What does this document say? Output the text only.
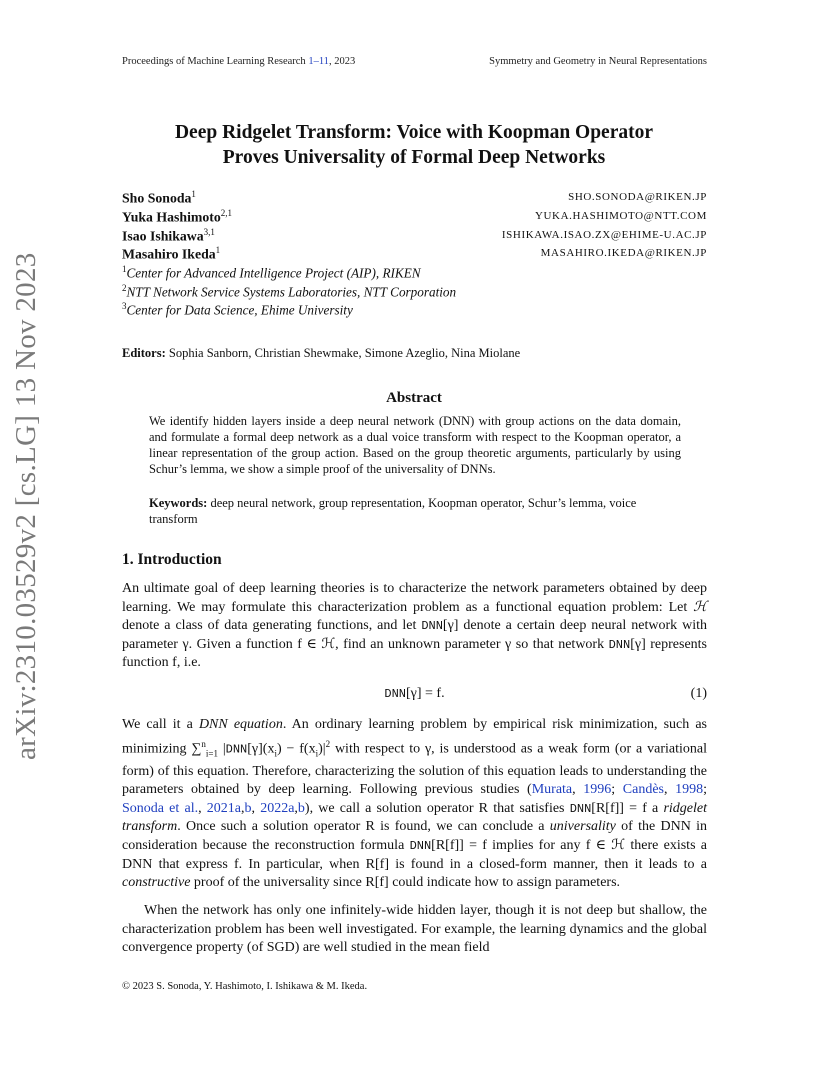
arXiv:2310.03529v2 [cs.LG] 13 Nov 2023
Proceedings of Machine Learning Research 1–11, 2023	Symmetry and Geometry in Neural Representations
Deep Ridgelet Transform: Voice with Koopman Operator
Proves Universality of Formal Deep Networks
Sho Sonoda$^1$	SHO.SONODA@RIKEN.JP
Yuka Hashimoto$^{2,1}$	YUKA.HASHIMOTO@NTT.COM
Isao Ishikawa$^{3,1}$	ISHIKAWA.ISAO.ZX@EHIME-U.AC.JP
Masahiro Ikeda$^1$	MASAHIRO.IKEDA@RIKEN.JP
$^1$Center for Advanced Intelligence Project (AIP), RIKEN
$^2$NTT Network Service Systems Laboratories, NTT Corporation
$^3$Center for Data Science, Ehime University
Editors: Sophia Sanborn, Christian Shewmake, Simone Azeglio, Nina Miolane
Abstract
We identify hidden layers inside a deep neural network (DNN) with group actions on the data domain, and formulate a formal deep network as a dual voice transform with respect to the Koopman operator, a linear representation of the group action. Based on the group theoretic arguments, particularly by using Schur’s lemma, we show a simple proof of the universality of DNNs.
Keywords: deep neural network, group representation, Koopman operator, Schur’s lemma, voice transform
1. Introduction
An ultimate goal of deep learning theories is to characterize the network parameters obtained by deep learning. We may formulate this characterization problem as a functional equation problem: Let ℋ denote a class of data generating functions, and let DNN[γ] denote a certain deep neural network with parameter γ. Given a function f ∈ ℋ, find an unknown parameter γ so that network DNN[γ] represents function f, i.e.
DNN[γ] = f.	(1)
We call it a DNN equation. An ordinary learning problem by empirical risk minimization, such as minimizing ∑$^n_{i=1}$ $|DNN[\gamma](x_i) - f(x_i)|^2$ with respect to γ, is understood as a weak form (or a variational form) of this equation. Therefore, characterizing the solution of this equation leads to understanding the parameters obtained by deep learning. Following previous studies (Murata, 1996; Candès, 1998; Sonoda et al., 2021a,b, 2022a,b), we call a solution operator R that satisfies DNN[R[f]] = f a ridgelet transform. Once such a solution operator R is found, we can conclude a universality of the DNN in consideration because the reconstruction formula DNN[R[f]] = f implies for any f ∈ ℋ there exists a DNN that express f. In particular, when R[f] is found in a closed-form manner, then it leads to a constructive proof of the universality since R[f] could indicate how to assign parameters.
When the network has only one infinitely-wide hidden layer, though it is not deep but shallow, the characterization problem has been well investigated. For example, the learning dynamics and the global convergence property (of SGD) are well studied in the mean field
© 2023 S. Sonoda, Y. Hashimoto, I. Ishikawa & M. Ikeda.
